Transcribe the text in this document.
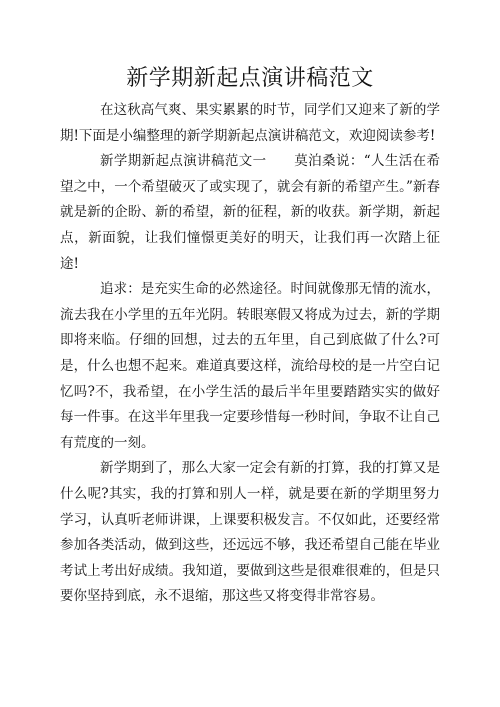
新学期新起点演讲稿范文

在这秋高气爽、果实累累的时节，同学们又迎来了新的学期!下面是小编整理的新学期新起点演讲稿范文，欢迎阅读参考!

新学期新起点演讲稿范文一　　莫泊桑说：“人生活在希望之中，一个希望破灭了或实现了，就会有新的希望产生。”新春就是新的企盼、新的希望，新的征程，新的收获。新学期，新起点，新面貌，让我们憧憬更美好的明天，让我们再一次踏上征途!

追求：是充实生命的必然途径。时间就像那无情的流水，流去我在小学里的五年光阴。转眼寒假又将成为过去，新的学期即将来临。仔细的回想，过去的五年里，自己到底做了什么?可是，什么也想不起来。难道真要这样，流给母校的是一片空白记忆吗?不，我希望，在小学生活的最后半年里要踏踏实实的做好每一件事。在这半年里我一定要珍惜每一秒时间，争取不让自己有荒度的一刻。

新学期到了，那么大家一定会有新的打算，我的打算又是什么呢?其实，我的打算和别人一样，就是要在新的学期里努力学习，认真听老师讲课，上课要积极发言。不仅如此，还要经常参加各类活动，做到这些，还远远不够，我还希望自己能在毕业考试上考出好成绩。我知道，要做到这些是很难很难的，但是只要你坚持到底，永不退缩，那这些又将变得非常容易。
